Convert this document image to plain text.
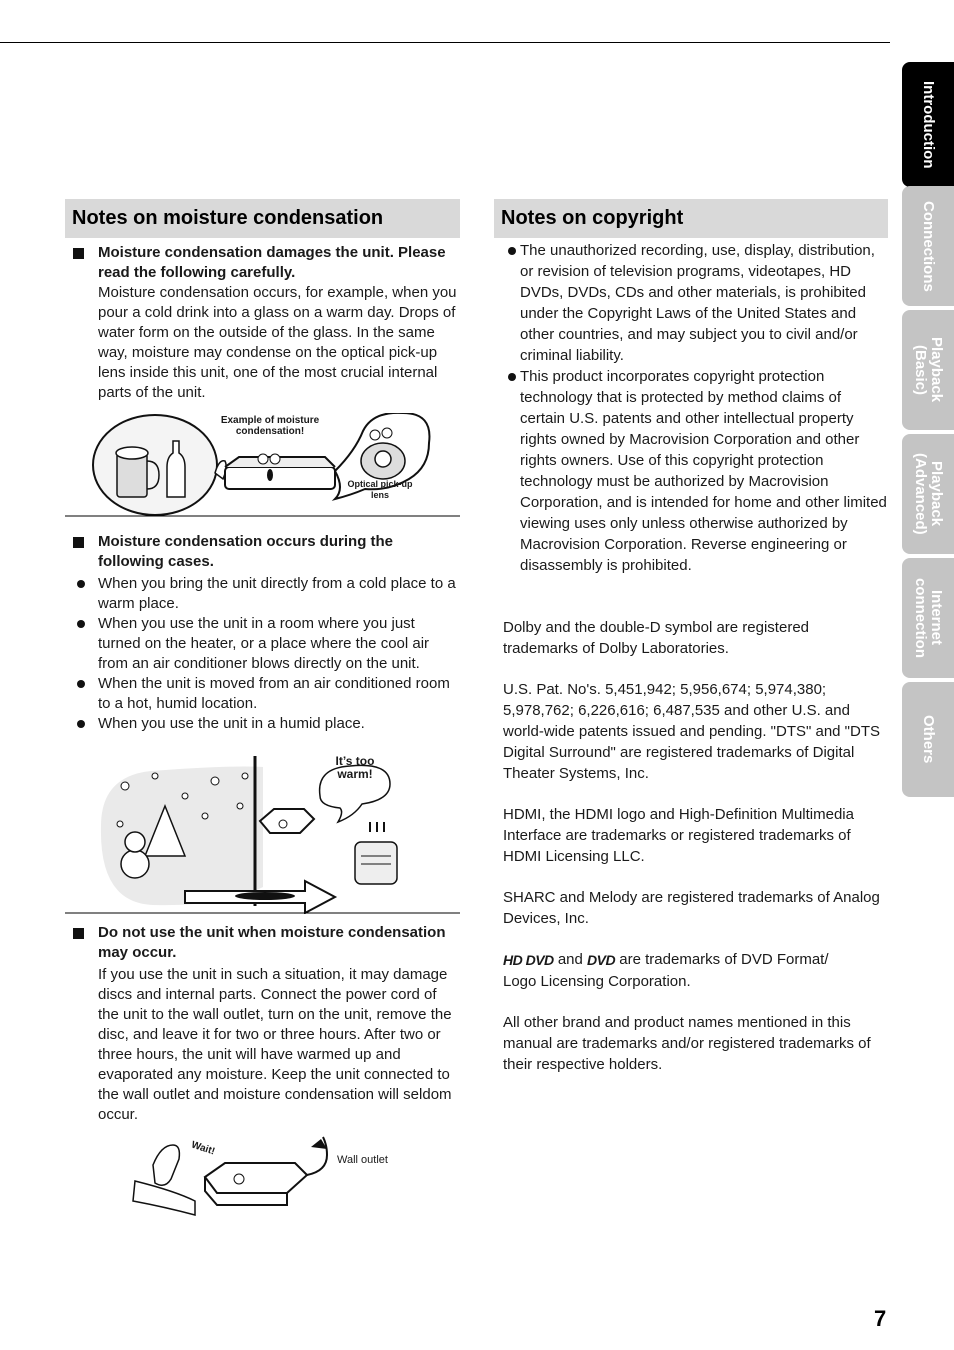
Introduction
Connections
Playback
(Basic)
Playback
(Advanced)
Internet
connection
Others
Notes on moisture condensation
Moisture condensation damages the unit. Please read the following carefully.
Moisture condensation occurs, for example, when you pour a cold drink into a glass on a warm day. Drops of water form on the outside of the glass. In the same way, moisture may condense on the optical pick-up lens inside this unit, one of the most crucial internal parts of the unit.
Example of moisture condensation!
Optical pick-up lens
Moisture condensation occurs during the following cases.
When you bring the unit directly from a cold place to a warm place.
When you use the unit in a room where you just turned on the heater, or a place where the cool air from an air conditioner blows directly on the unit.
When the unit is moved from an air conditioned room to a hot, humid location.
When you use the unit in a humid place.
It’s too warm!
Do not use the unit when moisture condensation may occur.
If you use the unit in such a situation, it may damage discs and internal parts. Connect the power cord of the unit to the wall outlet, turn on the unit, remove the disc, and leave it for two or three hours. After two or three hours, the unit will have warmed up and evaporated any moisture. Keep the unit connected to the wall outlet and moisture condensation will seldom occur.
Wait!
Wall outlet
Notes on copyright
The unauthorized recording, use, display, distribution, or revision of television programs, videotapes, HD DVDs, DVDs, CDs and other materials, is prohibited under the Copyright Laws of the United States and other countries, and may subject you to civil and/or criminal liability.
This product incorporates copyright protection technology that is protected by method claims of certain U.S. patents and other intellectual property rights owned by Macrovision Corporation and other rights owners. Use of this copyright protection technology must be authorized by Macrovision Corporation, and is intended for home and other limited viewing uses only unless otherwise authorized by Macrovision Corporation. Reverse engineering or disassembly is prohibited.
Dolby and the double-D symbol are registered trademarks of Dolby Laboratories.
U.S. Pat. No's. 5,451,942; 5,956,674; 5,974,380; 5,978,762; 6,226,616; 6,487,535 and other U.S. and world-wide patents issued and pending. "DTS" and "DTS Digital Surround" are registered trademarks of Digital Theater Systems, Inc.
HDMI, the HDMI logo and High-Definition Multimedia Interface are trademarks or registered trademarks of HDMI Licensing LLC.
SHARC and Melody are registered trademarks of Analog Devices, Inc.
HD DVD and DVD are trademarks of DVD Format/
Logo Licensing Corporation.
All other brand and product names mentioned in this manual are trademarks and/or registered trademarks of their respective holders.
7
